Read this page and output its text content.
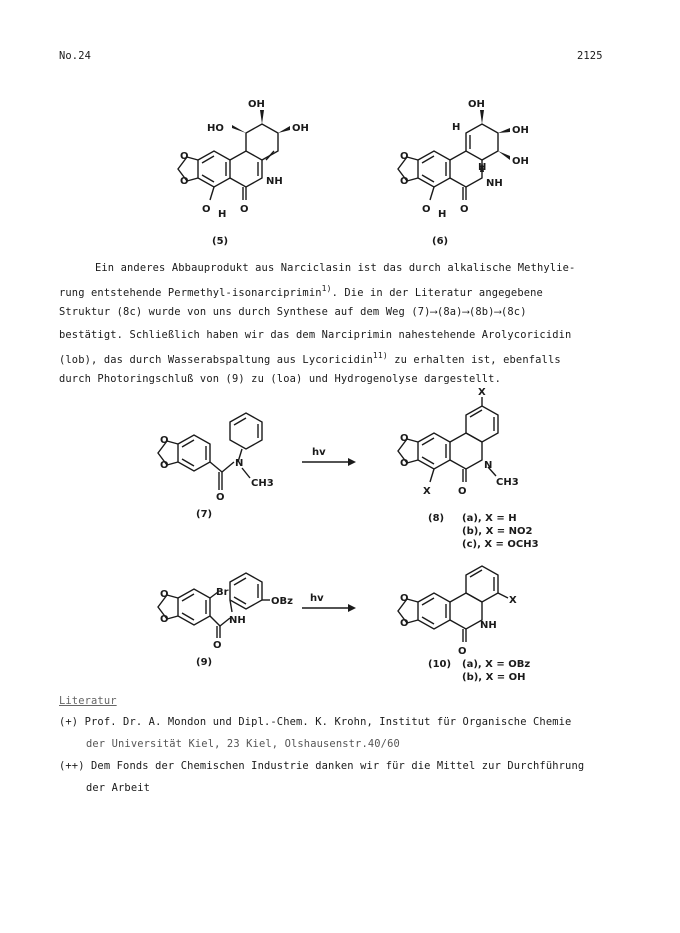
No.24	2125
OH
HO	OH
NH
O
O
O H O
(5)
OH
H	OH
OH
H
NH
O
O
O H O
(6)
Ein anderes Abbauprodukt aus Narciclasin ist das durch alkalische Methylie-
rung entstehende Permethyl-isonarciprimin$^{1)}$. Die in der Literatur angegebene
Struktur (8c) wurde von uns durch Synthese auf dem Weg (7)⟶(8a)⟶(8b)⟶(8c)
bestätigt. Schließlich haben wir das dem Narciprimin nahestehende Arolycoricidin
(lob), das durch Wasserabspaltung aus Lycoricidin$^{11)}$ zu erhalten ist, ebenfalls
durch Photoringschluß von (9) zu (loa) und Hydrogenolyse dargestellt.
N
CH3
O
O
O
(7)
hv
X
N
CH3
X	O
O
O
(8) (a), X = H
(b), X = NO2
(c), X = OCH3
Br
OBz
NH
O
O
O
(9)
hv	X
NH
O
O
O
(10) (a), X = OBz
(b), X = OH
Literatur
(+) Prof. Dr. A. Mondon und Dipl.-Chem. K. Krohn, Institut für Organische Chemie
der Universität Kiel, 23 Kiel, Olshausenstr.40/60
(++) Dem Fonds der Chemischen Industrie danken wir für die Mittel zur Durchführung
der Arbeit
